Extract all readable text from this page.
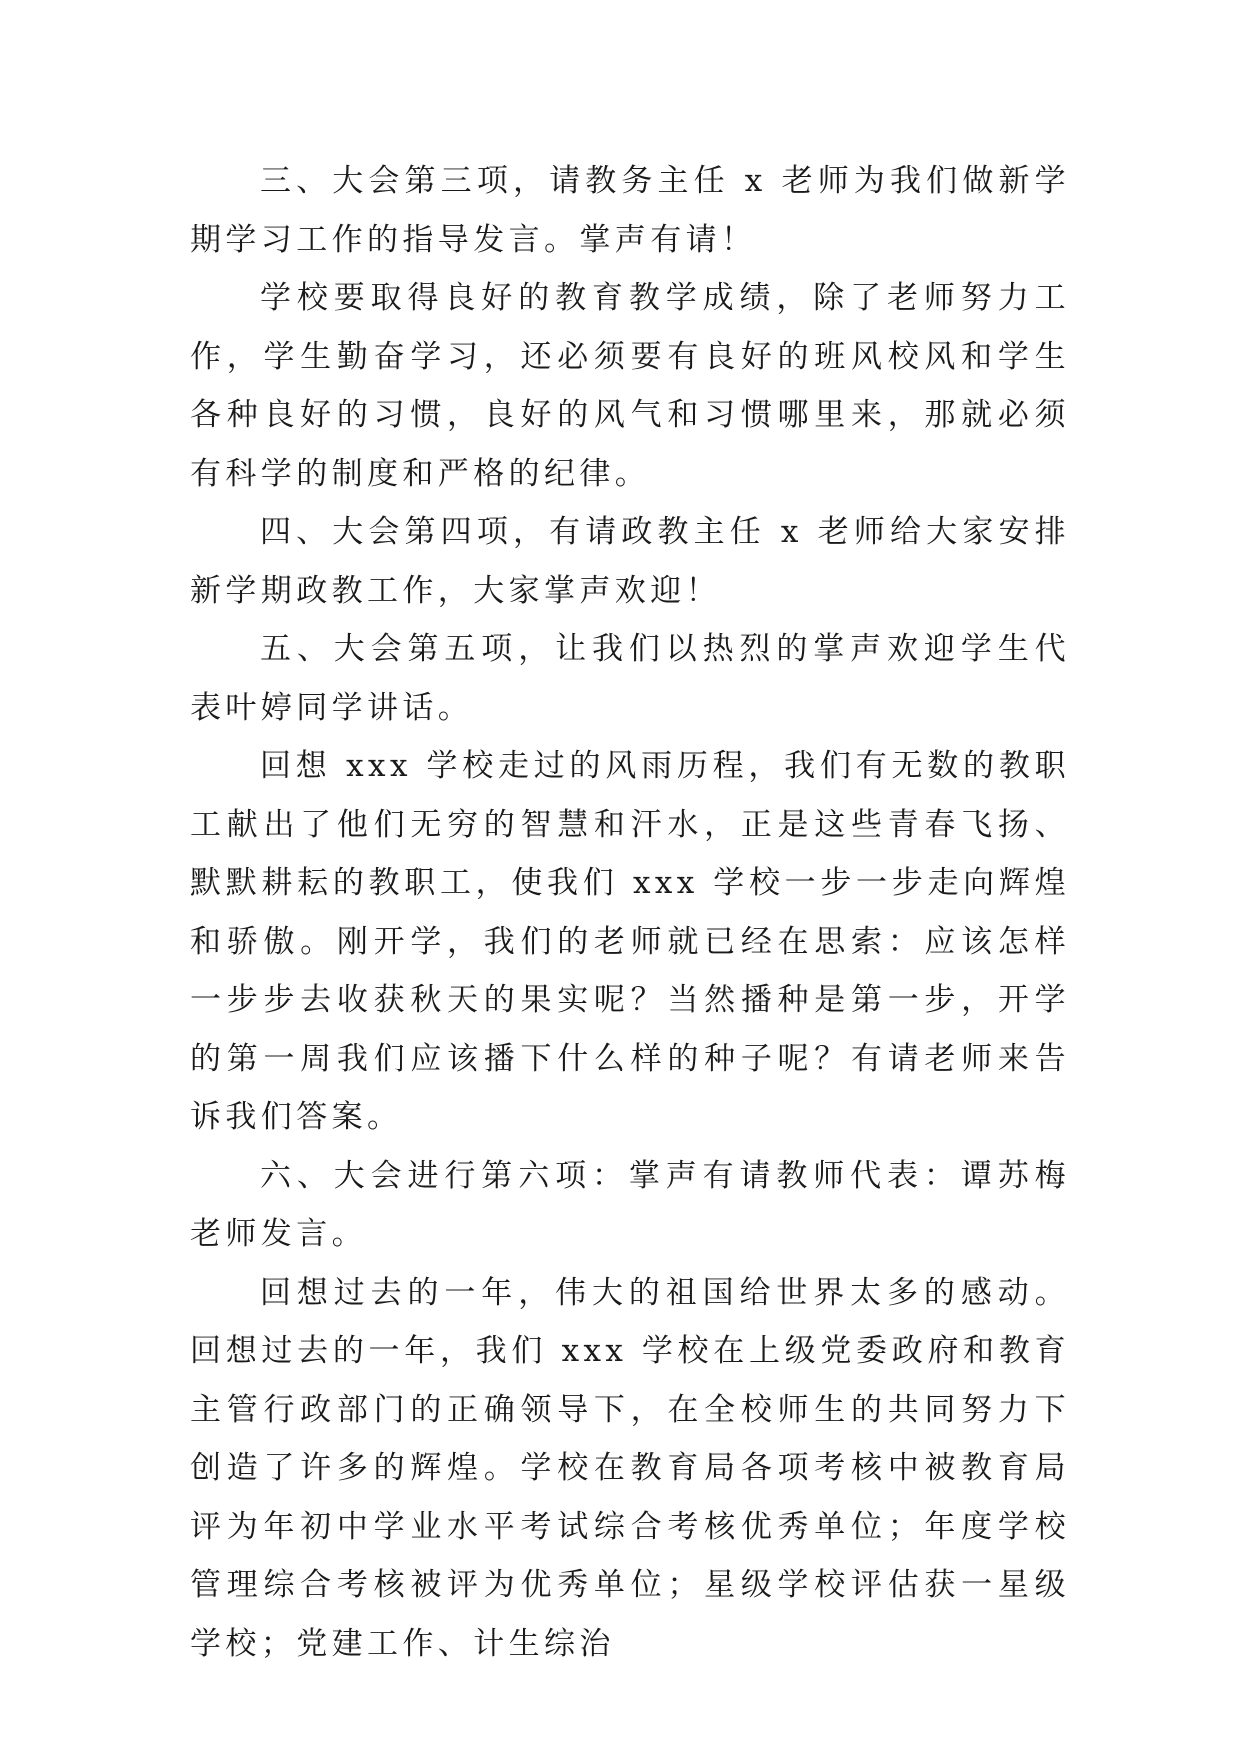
三、大会第三项，请教务主任 x 老师为我们做新学期学习工作的指导发言。掌声有请！

学校要取得良好的教育教学成绩，除了老师努力工作，学生勤奋学习，还必须要有良好的班风校风和学生各种良好的习惯，良好的风气和习惯哪里来，那就必须有科学的制度和严格的纪律。

四、大会第四项，有请政教主任 x 老师给大家安排新学期政教工作，大家掌声欢迎！

五、大会第五项，让我们以热烈的掌声欢迎学生代表叶婷同学讲话。

回想 xxx 学校走过的风雨历程，我们有无数的教职工献出了他们无穷的智慧和汗水，正是这些青春飞扬、默默耕耘的教职工，使我们 xxx 学校一步一步走向辉煌和骄傲。刚开学，我们的老师就已经在思索：应该怎样一步步去收获秋天的果实呢？当然播种是第一步，开学的第一周我们应该播下什么样的种子呢？有请老师来告诉我们答案。

六、大会进行第六项：掌声有请教师代表：谭苏梅老师发言。

回想过去的一年，伟大的祖国给世界太多的感动。回想过去的一年，我们 xxx 学校在上级党委政府和教育主管行政部门的正确领导下，在全校师生的共同努力下创造了许多的辉煌。学校在教育局各项考核中被教育局评为年初中学业水平考试综合考核优秀单位；年度学校管理综合考核被评为优秀单位；星级学校评估获一星级学校；党建工作、计生综治
